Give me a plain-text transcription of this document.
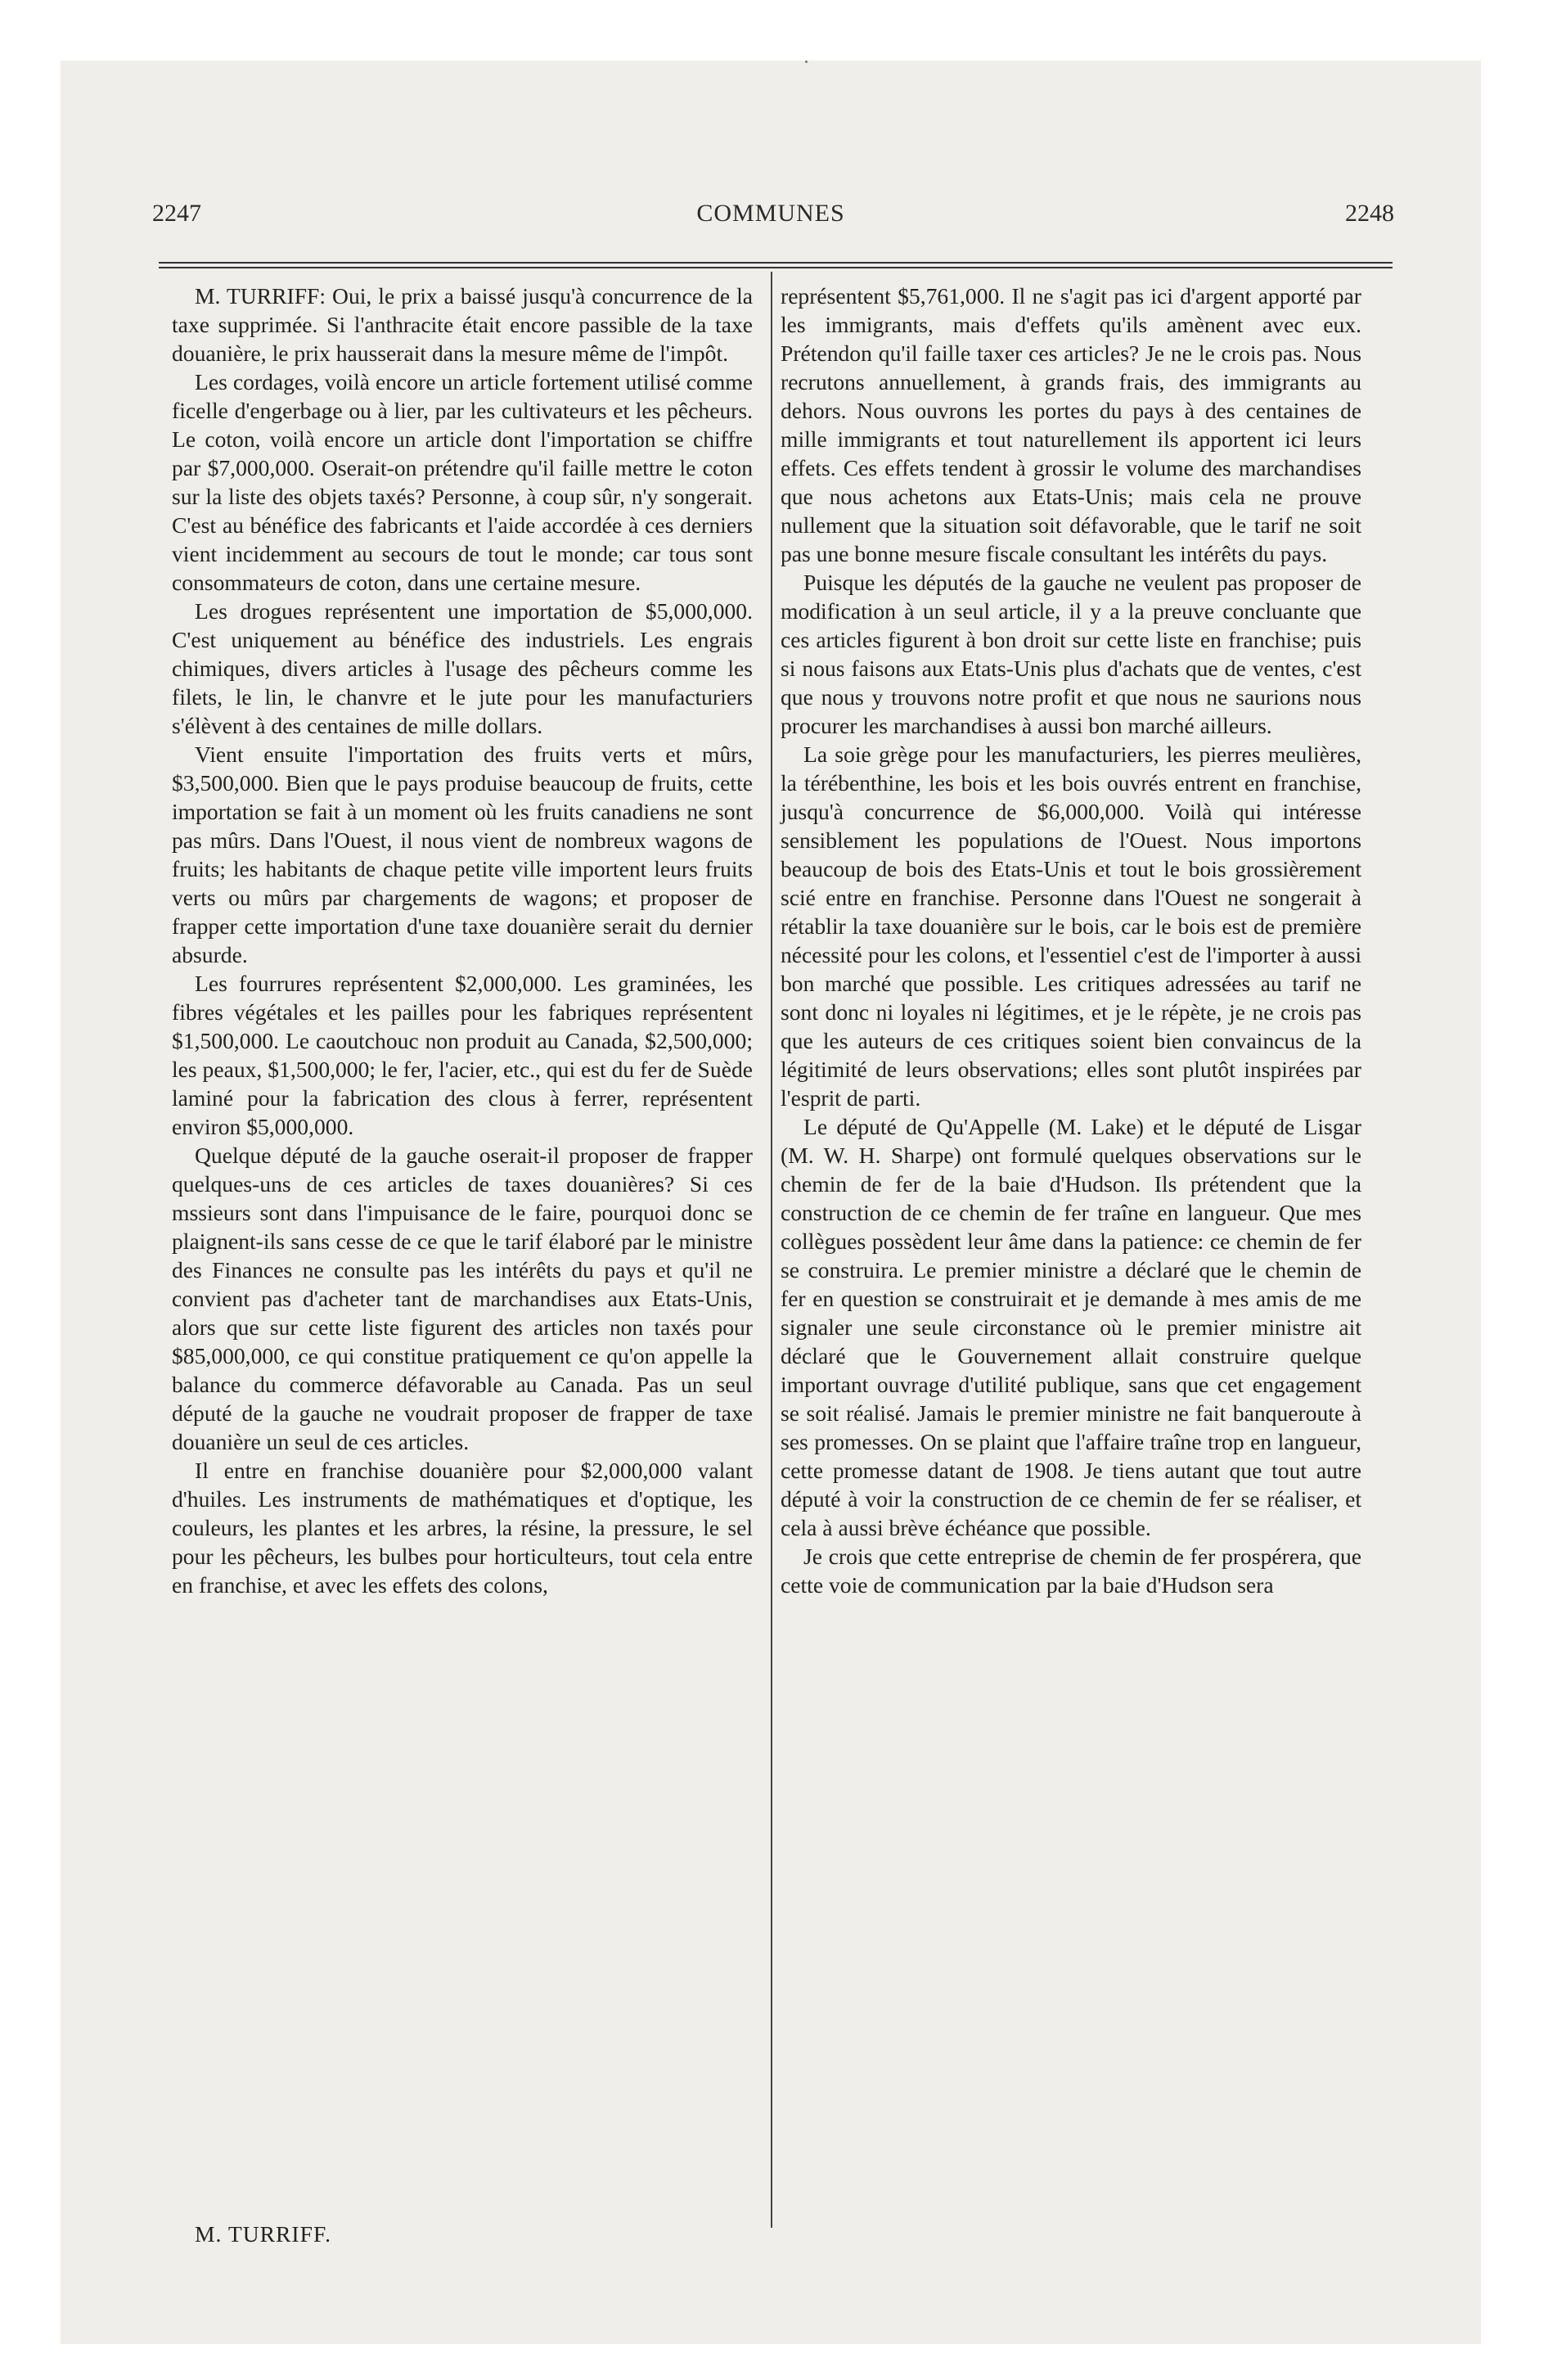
2247	COMMUNES	2248

M. TURRIFF: Oui, le prix a baissé jusqu'à concurrence de la taxe supprimée. Si l'anthracite était encore passible de la taxe douanière, le prix hausserait dans la mesure même de l'impôt.

Les cordages, voilà encore un article fortement utilisé comme ficelle d'engerbage ou à lier, par les cultivateurs et les pêcheurs. Le coton, voilà encore un article dont l'importation se chiffre par $7,000,000. Oserait-on prétendre qu'il faille mettre le coton sur la liste des objets taxés? Personne, à coup sûr, n'y songerait. C'est au bénéfice des fabricants et l'aide accordée à ces derniers vient incidemment au secours de tout le monde; car tous sont consommateurs de coton, dans une certaine mesure.

Les drogues représentent une importation de $5,000,000. C'est uniquement au bénéfice des industriels. Les engrais chimiques, divers articles à l'usage des pêcheurs comme les filets, le lin, le chanvre et le jute pour les manufacturiers s'élèvent à des centaines de mille dollars.

Vient ensuite l'importation des fruits verts et mûrs, $3,500,000. Bien que le pays produise beaucoup de fruits, cette importation se fait à un moment où les fruits canadiens ne sont pas mûrs. Dans l'Ouest, il nous vient de nombreux wagons de fruits; les habitants de chaque petite ville importent leurs fruits verts ou mûrs par chargements de wagons; et proposer de frapper cette importation d'une taxe douanière serait du dernier absurde.

Les fourrures représentent $2,000,000. Les graminées, les fibres végétales et les pailles pour les fabriques représentent $1,500,000. Le caoutchouc non produit au Canada, $2,500,000; les peaux, $1,500,000; le fer, l'acier, etc., qui est du fer de Suède laminé pour la fabrication des clous à ferrer, représentent environ $5,000,000.

Quelque député de la gauche oserait-il proposer de frapper quelques-uns de ces articles de taxes douanières? Si ces mssieurs sont dans l'impuisance de le faire, pourquoi donc se plaignent-ils sans cesse de ce que le tarif élaboré par le ministre des Finances ne consulte pas les intérêts du pays et qu'il ne convient pas d'acheter tant de marchandises aux Etats-Unis, alors que sur cette liste figurent des articles non taxés pour $85,000,000, ce qui constitue pratiquement ce qu'on appelle la balance du commerce défavorable au Canada. Pas un seul député de la gauche ne voudrait proposer de frapper de taxe douanière un seul de ces articles.

Il entre en franchise douanière pour $2,000,000 valant d'huiles. Les instruments de mathématiques et d'optique, les couleurs, les plantes et les arbres, la résine, la pressure, le sel pour les pêcheurs, les bulbes pour horticulteurs, tout cela entre en franchise, et avec les effets des colons,

M. TURRIFF.

représentent $5,761,000. Il ne s'agit pas ici d'argent apporté par les immigrants, mais d'effets qu'ils amènent avec eux. Prétendon qu'il faille taxer ces articles? Je ne le crois pas. Nous recrutons annuellement, à grands frais, des immigrants au dehors. Nous ouvrons les portes du pays à des centaines de mille immigrants et tout naturellement ils apportent ici leurs effets. Ces effets tendent à grossir le volume des marchandises que nous achetons aux Etats-Unis; mais cela ne prouve nullement que la situation soit défavorable, que le tarif ne soit pas une bonne mesure fiscale consultant les intérêts du pays.

Puisque les députés de la gauche ne veulent pas proposer de modification à un seul article, il y a la preuve concluante que ces articles figurent à bon droit sur cette liste en franchise; puis si nous faisons aux Etats-Unis plus d'achats que de ventes, c'est que nous y trouvons notre profit et que nous ne saurions nous procurer les marchandises à aussi bon marché ailleurs.

La soie grège pour les manufacturiers, les pierres meulières, la térébenthine, les bois et les bois ouvrés entrent en franchise, jusqu'à concurrence de $6,000,000. Voilà qui intéresse sensiblement les populations de l'Ouest. Nous importons beaucoup de bois des Etats-Unis et tout le bois grossièrement scié entre en franchise. Personne dans l'Ouest ne songerait à rétablir la taxe douanière sur le bois, car le bois est de première nécessité pour les colons, et l'essentiel c'est de l'importer à aussi bon marché que possible. Les critiques adressées au tarif ne sont donc ni loyales ni légitimes, et je le répète, je ne crois pas que les auteurs de ces critiques soient bien convaincus de la légitimité de leurs observations; elles sont plutôt inspirées par l'esprit de parti.

Le député de Qu'Appelle (M. Lake) et le député de Lisgar (M. W. H. Sharpe) ont formulé quelques observations sur le chemin de fer de la baie d'Hudson. Ils prétendent que la construction de ce chemin de fer traîne en langueur. Que mes collègues possèdent leur âme dans la patience: ce chemin de fer se construira. Le premier ministre a déclaré que le chemin de fer en question se construirait et je demande à mes amis de me signaler une seule circonstance où le premier ministre ait déclaré que le Gouvernement allait construire quelque important ouvrage d'utilité publique, sans que cet engagement se soit réalisé. Jamais le premier ministre ne fait banqueroute à ses promesses. On se plaint que l'affaire traîne trop en langueur, cette promesse datant de 1908. Je tiens autant que tout autre député à voir la construction de ce chemin de fer se réaliser, et cela à aussi brève échéance que possible.

Je crois que cette entreprise de chemin de fer prospérera, que cette voie de communication par la baie d'Hudson sera
